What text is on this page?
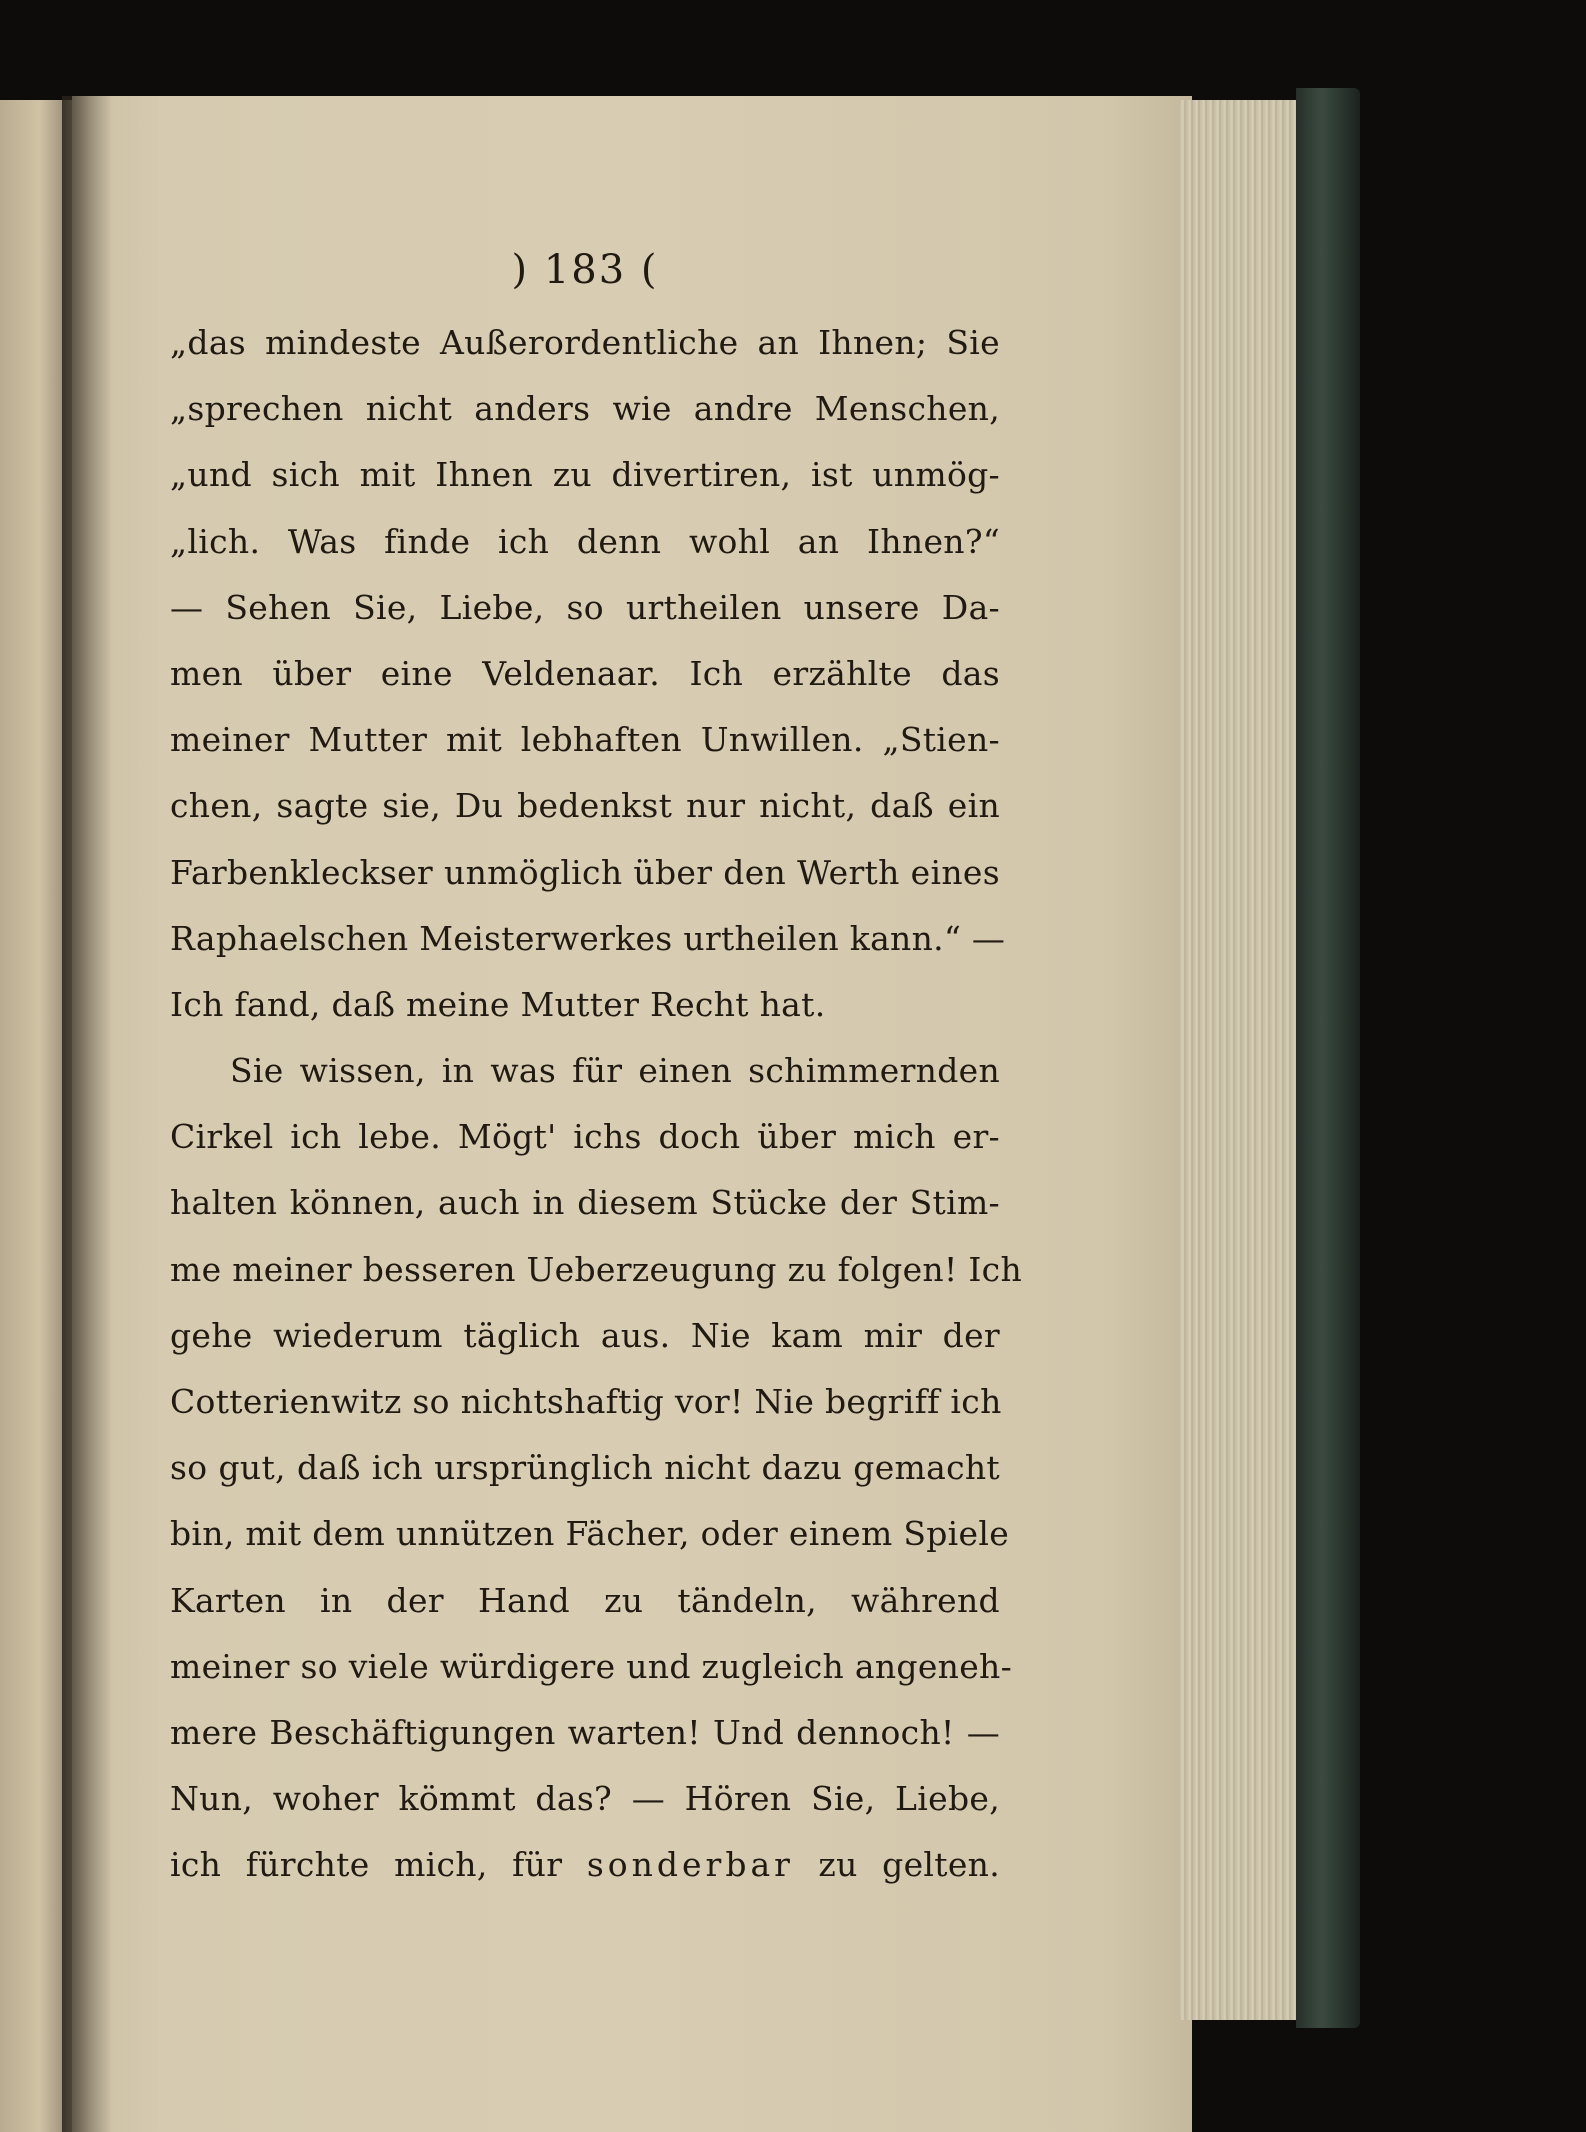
) 183 (
„das mindeste Außerordentliche an Ihnen; Sie
„sprechen nicht anders wie andre Menschen,
„und sich mit Ihnen zu divertiren, ist unmög-
„lich. Was finde ich denn wohl an Ihnen?“
— Sehen Sie, Liebe, so urtheilen unsere Da-
men über eine Veldenaar. Ich erzählte das
meiner Mutter mit lebhaften Unwillen. „Stien-
chen, sagte sie, Du bedenkst nur nicht, daß ein
Farbenkleckser unmöglich über den Werth eines
Raphaelschen Meisterwerkes urtheilen kann.“ —
Ich fand, daß meine Mutter Recht hat.
Sie wissen, in was für einen schimmernden
Cirkel ich lebe. Mögt' ichs doch über mich er-
halten können, auch in diesem Stücke der Stim-
me meiner besseren Ueberzeugung zu folgen! Ich
gehe wiederum täglich aus. Nie kam mir der
Cotterienwitz so nichtshaftig vor! Nie begriff ich
so gut, daß ich ursprünglich nicht dazu gemacht
bin, mit dem unnützen Fächer, oder einem Spiele
Karten in der Hand zu tändeln, während
meiner so viele würdigere und zugleich angeneh-
mere Beschäftigungen warten! Und dennoch! —
Nun, woher kömmt das? — Hören Sie, Liebe,
ich fürchte mich, für sonderbar zu gelten.
